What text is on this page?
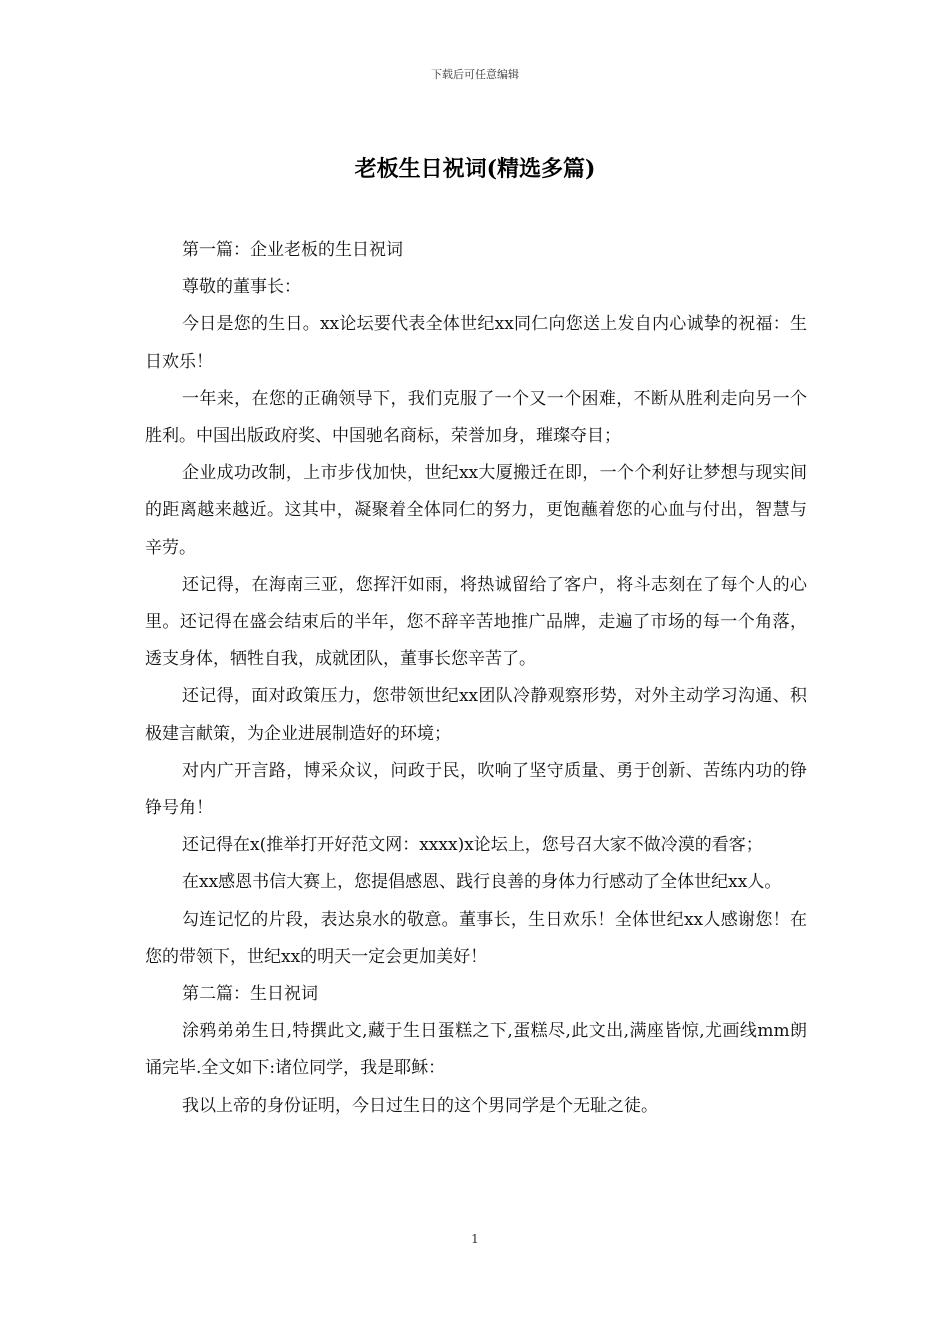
下载后可任意编辑
老板生日祝词(精选多篇)

第一篇：企业老板的生日祝词

尊敬的董事长：

今日是您的生日。xx论坛要代表全体世纪xx同仁向您送上发自内心诚挚的祝福：生日欢乐！

一年来，在您的正确领导下，我们克服了一个又一个困难，不断从胜利走向另一个胜利。中国出版政府奖、中国驰名商标，荣誉加身，璀璨夺目；

企业成功改制，上市步伐加快，世纪xx大厦搬迁在即，一个个利好让梦想与现实间的距离越来越近。这其中，凝聚着全体同仁的努力，更饱蘸着您的心血与付出，智慧与辛劳。

还记得，在海南三亚，您挥汗如雨，将热诚留给了客户，将斗志刻在了每个人的心里。还记得在盛会结束后的半年，您不辞辛苦地推广品牌，走遍了市场的每一个角落，透支身体，牺牲自我，成就团队，董事长您辛苦了。

还记得，面对政策压力，您带领世纪xx团队冷静观察形势，对外主动学习沟通、积极建言献策，为企业进展制造好的环境；

对内广开言路，博采众议，问政于民，吹响了坚守质量、勇于创新、苦练内功的铮铮号角！

还记得在x(推举打开好范文网：xxxx)x论坛上，您号召大家不做冷漠的看客；

在xx感恩书信大赛上，您提倡感恩、践行良善的身体力行感动了全体世纪xx人。

勾连记忆的片段，表达泉水的敬意。董事长，生日欢乐！全体世纪xx人感谢您！在您的带领下，世纪xx的明天一定会更加美好！

第二篇：生日祝词

涂鸦弟弟生日,特撰此文,藏于生日蛋糕之下,蛋糕尽,此文出,满座皆惊,尤画线mm朗诵完毕.全文如下:诸位同学，我是耶稣：

我以上帝的身份证明，今日过生日的这个男同学是个无耻之徒。

1
